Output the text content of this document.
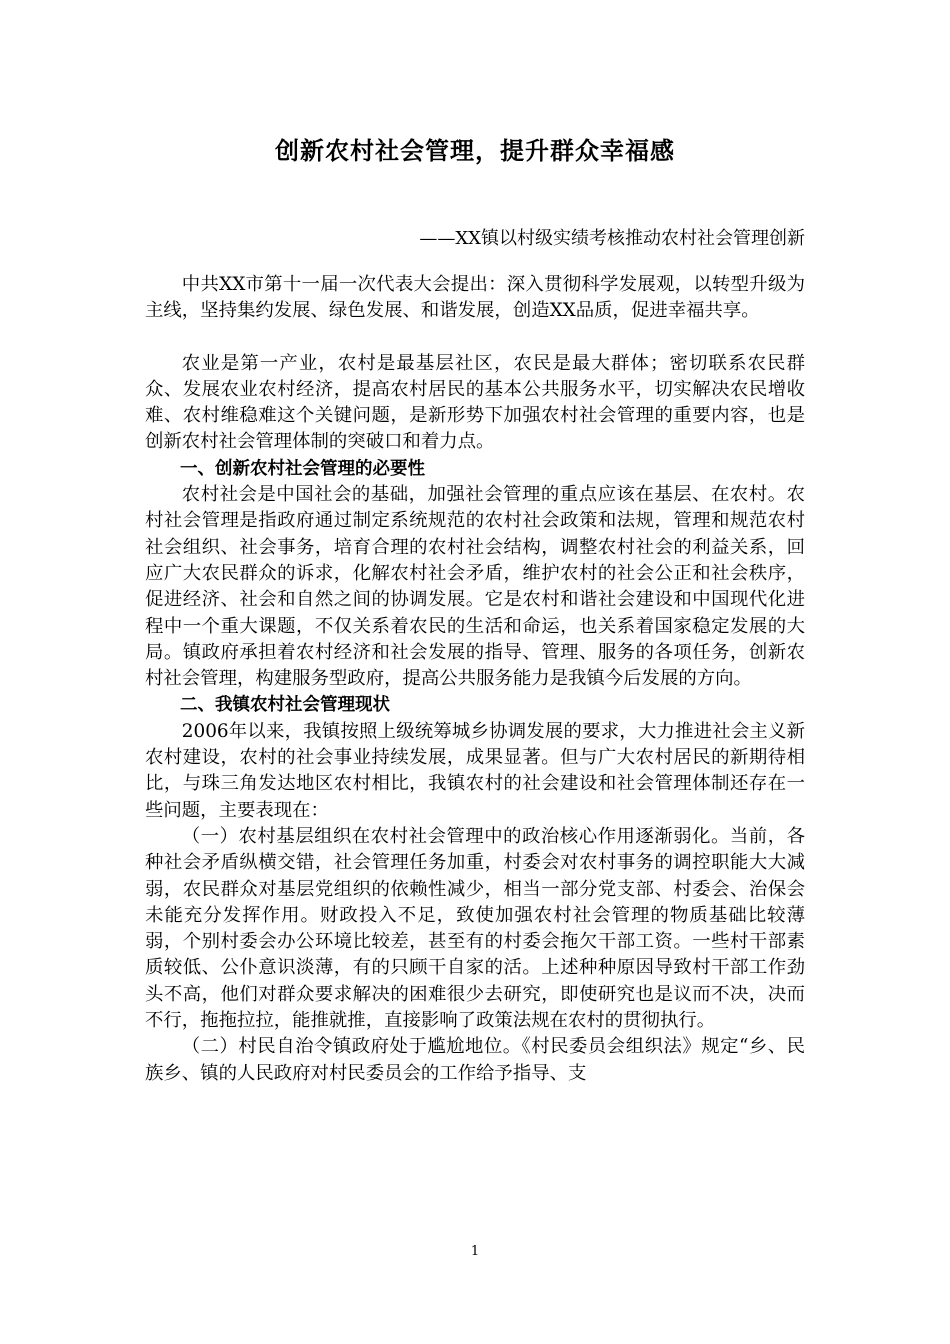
创新农村社会管理，提升群众幸福感
——XX镇以村级实绩考核推动农村社会管理创新

中共XX市第十一届一次代表大会提出：深入贯彻科学发展观，以转型升级为主线，坚持集约发展、绿色发展、和谐发展，创造XX品质，促进幸福共享。

农业是第一产业，农村是最基层社区，农民是最大群体；密切联系农民群众、发展农业农村经济，提高农村居民的基本公共服务水平，切实解决农民增收难、农村维稳难这个关键问题，是新形势下加强农村社会管理的重要内容，也是创新农村社会管理体制的突破口和着力点。

一、创新农村社会管理的必要性

农村社会是中国社会的基础，加强社会管理的重点应该在基层、在农村。农村社会管理是指政府通过制定系统规范的农村社会政策和法规，管理和规范农村社会组织、社会事务，培育合理的农村社会结构，调整农村社会的利益关系，回应广大农民群众的诉求，化解农村社会矛盾，维护农村的社会公正和社会秩序，促进经济、社会和自然之间的协调发展。它是农村和谐社会建设和中国现代化进程中一个重大课题，不仅关系着农民的生活和命运，也关系着国家稳定发展的大局。镇政府承担着农村经济和社会发展的指导、管理、服务的各项任务，创新农村社会管理，构建服务型政府，提高公共服务能力是我镇今后发展的方向。

二、我镇农村社会管理现状

2006年以来，我镇按照上级统筹城乡协调发展的要求，大力推进社会主义新农村建设，农村的社会事业持续发展，成果显著。但与广大农村居民的新期待相比，与珠三角发达地区农村相比，我镇农村的社会建设和社会管理体制还存在一些问题，主要表现在：

（一）农村基层组织在农村社会管理中的政治核心作用逐渐弱化。当前，各种社会矛盾纵横交错，社会管理任务加重，村委会对农村事务的调控职能大大减弱，农民群众对基层党组织的依赖性减少，相当一部分党支部、村委会、治保会未能充分发挥作用。财政投入不足，致使加强农村社会管理的物质基础比较薄弱，个别村委会办公环境比较差，甚至有的村委会拖欠干部工资。一些村干部素质较低、公仆意识淡薄，有的只顾干自家的活。上述种种原因导致村干部工作劲头不高，他们对群众要求解决的困难很少去研究，即使研究也是议而不决，决而不行，拖拖拉拉，能推就推，直接影响了政策法规在农村的贯彻执行。

（二）村民自治令镇政府处于尴尬地位。《村民委员会组织法》规定“乡、民族乡、镇的人民政府对村民委员会的工作给予指导、支

1
